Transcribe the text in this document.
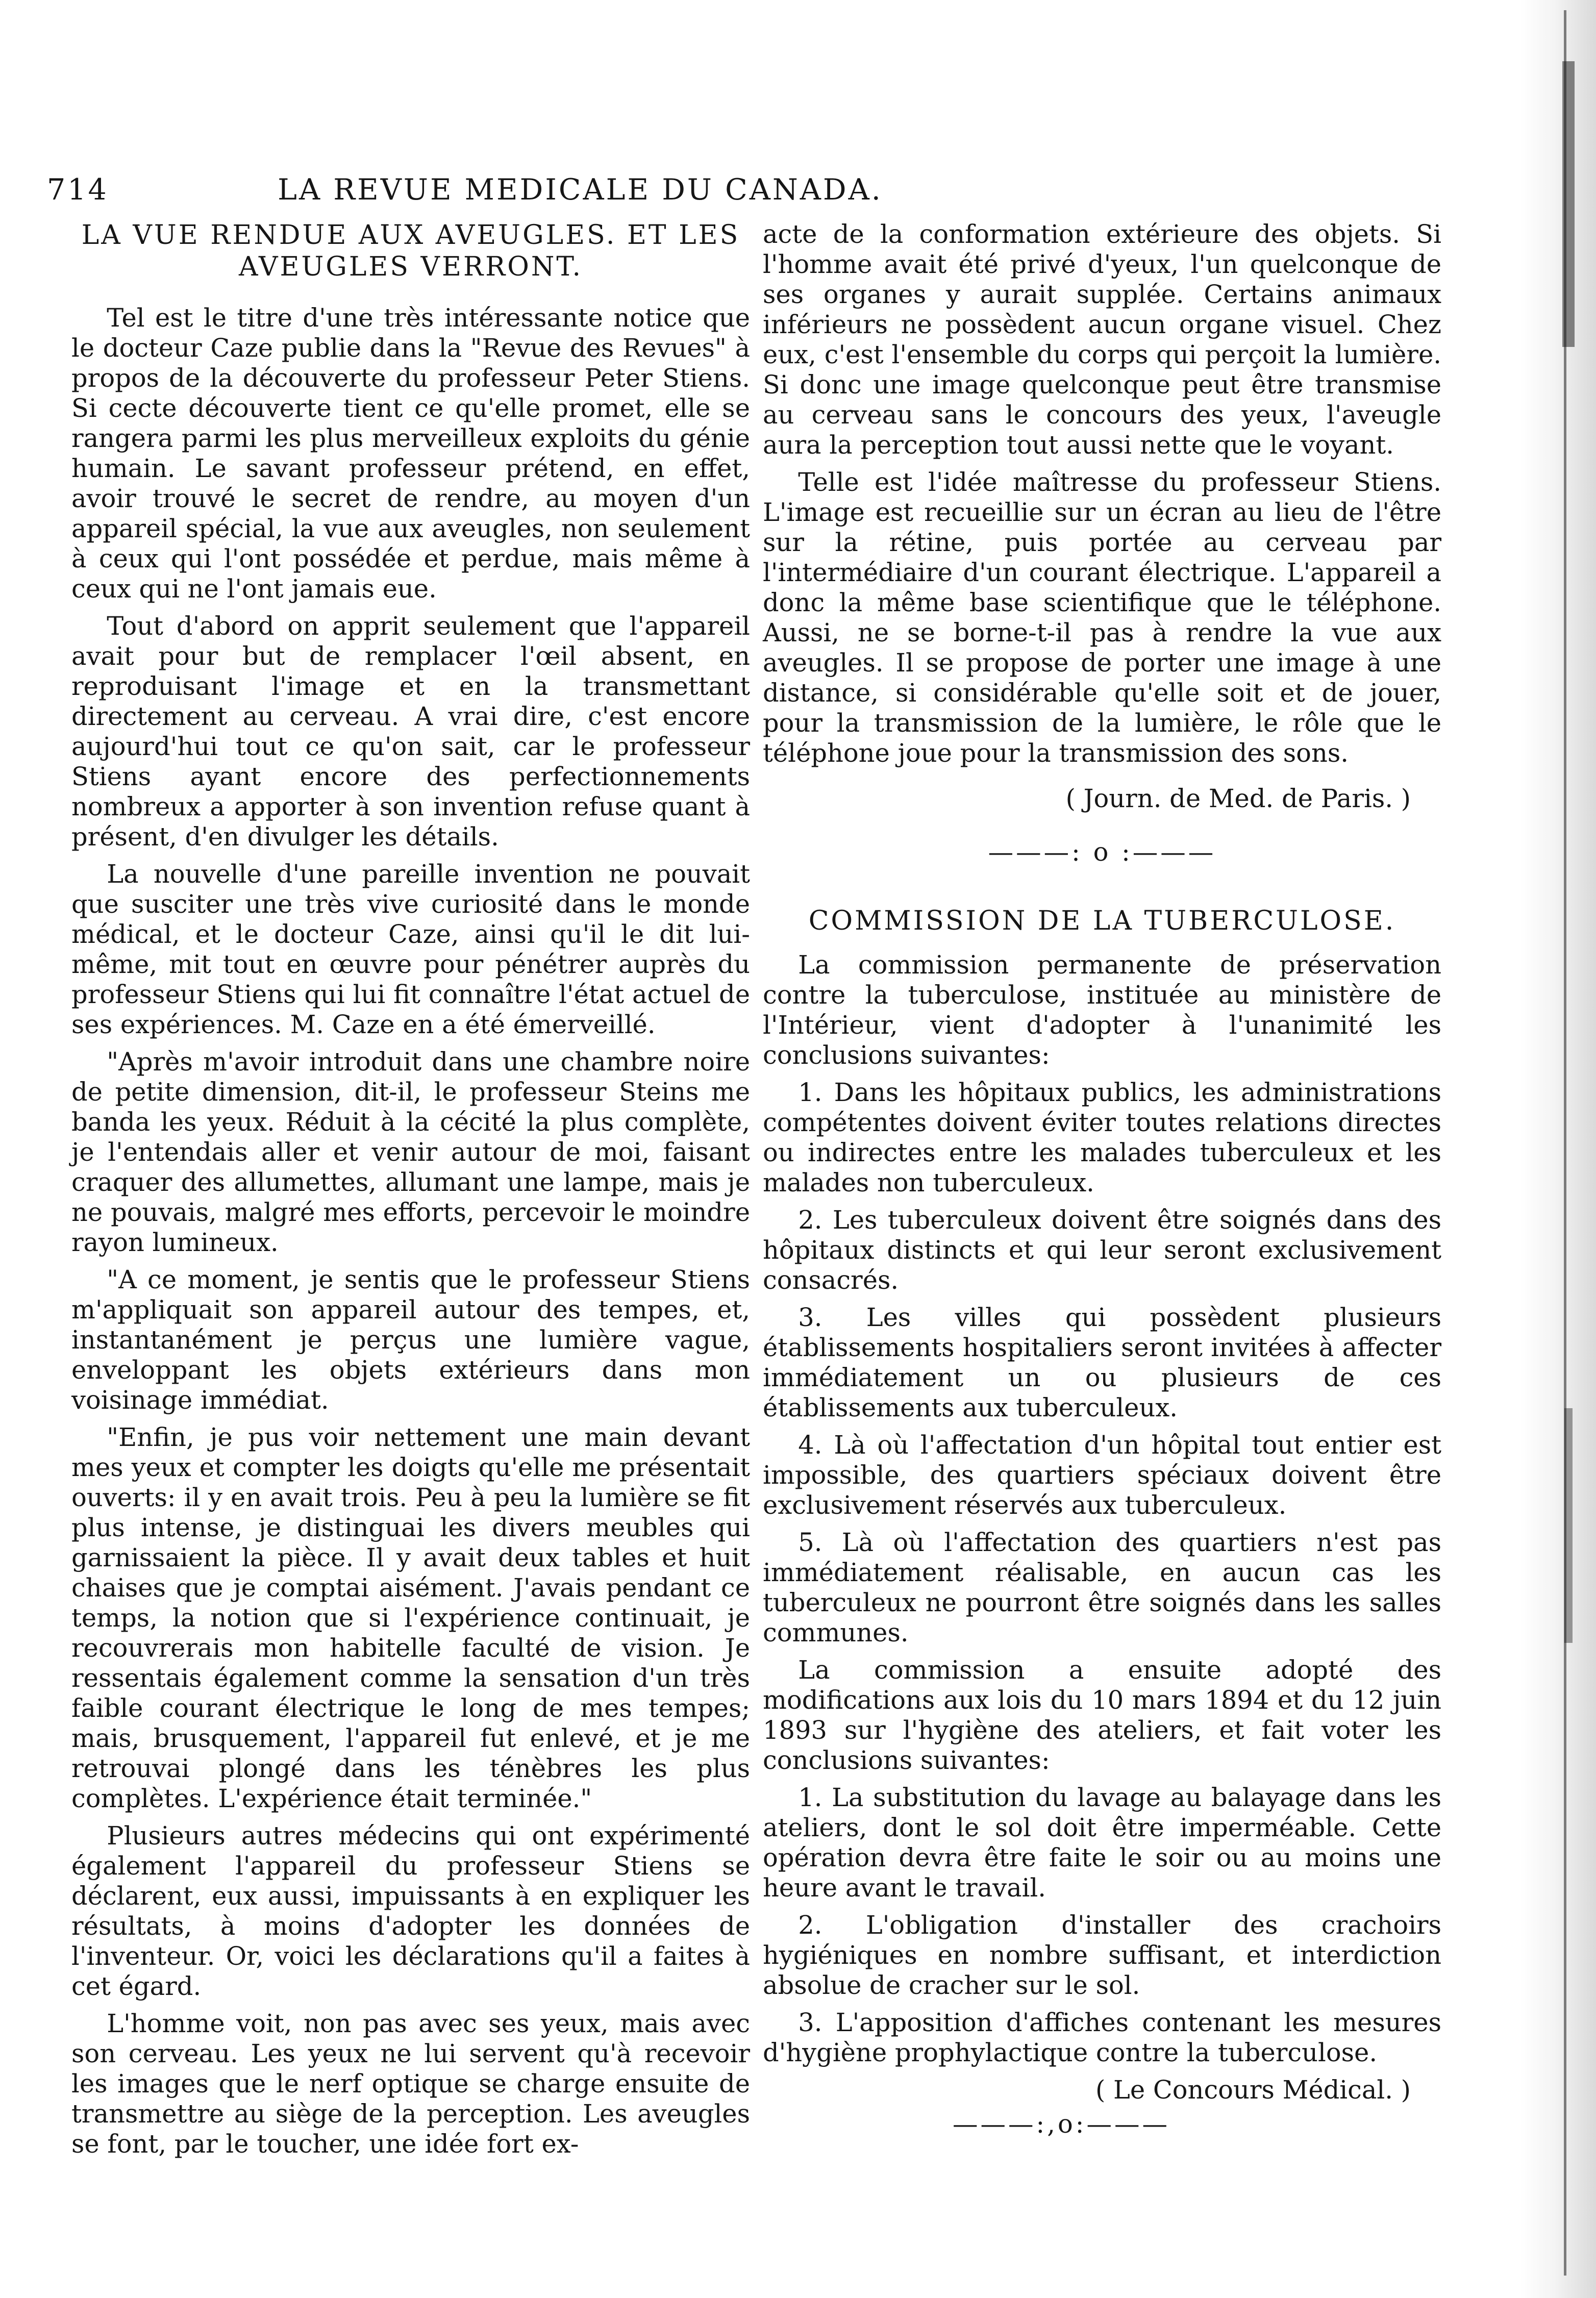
714	LA REVUE MEDICALE DU CANADA.
LA VUE RENDUE AUX AVEUGLES. ET LES AVEUGLES VERRONT.

Tel est le titre d'une très intéressante notice que le docteur Caze publie dans la "Revue des Revues" à propos de la découverte du professeur Peter Stiens. Si cecte découverte tient ce qu'elle promet, elle se rangera parmi les plus merveilleux exploits du génie humain. Le savant professeur prétend, en effet, avoir trouvé le secret de rendre, au moyen d'un appareil spécial, la vue aux aveugles, non seulement à ceux qui l'ont possédée et perdue, mais même à ceux qui ne l'ont jamais eue.

Tout d'abord on apprit seulement que l'appareil avait pour but de remplacer l'œil absent, en reproduisant l'image et en la transmettant directement au cerveau. A vrai dire, c'est encore aujourd'hui tout ce qu'on sait, car le professeur Stiens ayant encore des perfectionnements nombreux a apporter à son invention refuse quant à présent, d'en divulger les détails.

La nouvelle d'une pareille invention ne pouvait que susciter une très vive curiosité dans le monde médical, et le docteur Caze, ainsi qu'il le dit lui-même, mit tout en œuvre pour pénétrer auprès du professeur Stiens qui lui fit connaître l'état actuel de ses expériences. M. Caze en a été émerveillé.

"Après m'avoir introduit dans une chambre noire de petite dimension, dit-il, le professeur Steins me banda les yeux. Réduit à la cécité la plus complète, je l'entendais aller et venir autour de moi, faisant craquer des allumettes, allumant une lampe, mais je ne pouvais, malgré mes efforts, percevoir le moindre rayon lumineux.

"A ce moment, je sentis que le professeur Stiens m'appliquait son appareil autour des tempes, et, instantanément je perçus une lumière vague, enveloppant les objets extérieurs dans mon voisinage immédiat.

"Enfin, je pus voir nettement une main devant mes yeux et compter les doigts qu'elle me présentait ouverts: il y en avait trois. Peu à peu la lumière se fit plus intense, je distinguai les divers meubles qui garnissaient la pièce. Il y avait deux tables et huit chaises que je comptai aisément. J'avais pendant ce temps, la notion que si l'expérience continuait, je recouvrerais mon habitelle faculté de vision. Je ressentais également comme la sensation d'un très faible courant électrique le long de mes tempes; mais, brusquement, l'appareil fut enlevé, et je me retrouvai plongé dans les ténèbres les plus complètes. L'expérience était terminée."

Plusieurs autres médecins qui ont expérimenté également l'appareil du professeur Stiens se déclarent, eux aussi, impuissants à en expliquer les résultats, à moins d'adopter les données de l'inventeur. Or, voici les déclarations qu'il a faites à cet égard.

L'homme voit, non pas avec ses yeux, mais avec son cerveau. Les yeux ne lui servent qu'à recevoir les images que le nerf optique se charge ensuite de transmettre au siège de la perception. Les aveugles se font, par le toucher, une idée fort ex-

acte de la conformation extérieure des objets. Si l'homme avait été privé d'yeux, l'un quelconque de ses organes y aurait supplée. Certains animaux inférieurs ne possèdent aucun organe visuel. Chez eux, c'est l'ensemble du corps qui perçoit la lumière. Si donc une image quelconque peut être transmise au cerveau sans le concours des yeux, l'aveugle aura la perception tout aussi nette que le voyant.

Telle est l'idée maîtresse du professeur Stiens. L'image est recueillie sur un écran au lieu de l'être sur la rétine, puis portée au cerveau par l'intermédiaire d'un courant électrique. L'appareil a donc la même base scientifique que le téléphone. Aussi, ne se borne-t-il pas à rendre la vue aux aveugles. Il se propose de porter une image à une distance, si considérable qu'elle soit et de jouer, pour la transmission de la lumière, le rôle que le téléphone joue pour la transmission des sons.

( Journ. de Med. de Paris. )

———: o :———

COMMISSION DE LA TUBERCULOSE.

La commission permanente de préservation contre la tuberculose, instituée au ministère de l'Intérieur, vient d'adopter à l'unanimité les conclusions suivantes:

1. Dans les hôpitaux publics, les administrations compétentes doivent éviter toutes relations directes ou indirectes entre les malades tuberculeux et les malades non tuberculeux.

2. Les tuberculeux doivent être soignés dans des hôpitaux distincts et qui leur seront exclusivement consacrés.

3. Les villes qui possèdent plusieurs établissements hospitaliers seront invitées à affecter immédiatement un ou plusieurs de ces établissements aux tuberculeux.

4. Là où l'affectation d'un hôpital tout entier est impossible, des quartiers spéciaux doivent être exclusivement réservés aux tuberculeux.

5. Là où l'affectation des quartiers n'est pas immédiatement réalisable, en aucun cas les tuberculeux ne pourront être soignés dans les salles communes.

La commission a ensuite adopté des modifications aux lois du 10 mars 1894 et du 12 juin 1893 sur l'hygiène des ateliers, et fait voter les conclusions suivantes:

1. La substitution du lavage au balayage dans les ateliers, dont le sol doit être imperméable. Cette opération devra être faite le soir ou au moins une heure avant le travail.

2. L'obligation d'installer des crachoirs hygiéniques en nombre suffisant, et interdiction absolue de cracher sur le sol.

3. L'apposition d'affiches contenant les mesures d'hygiène prophylactique contre la tuberculose.

( Le Concours Médical. )

———:,o:———
